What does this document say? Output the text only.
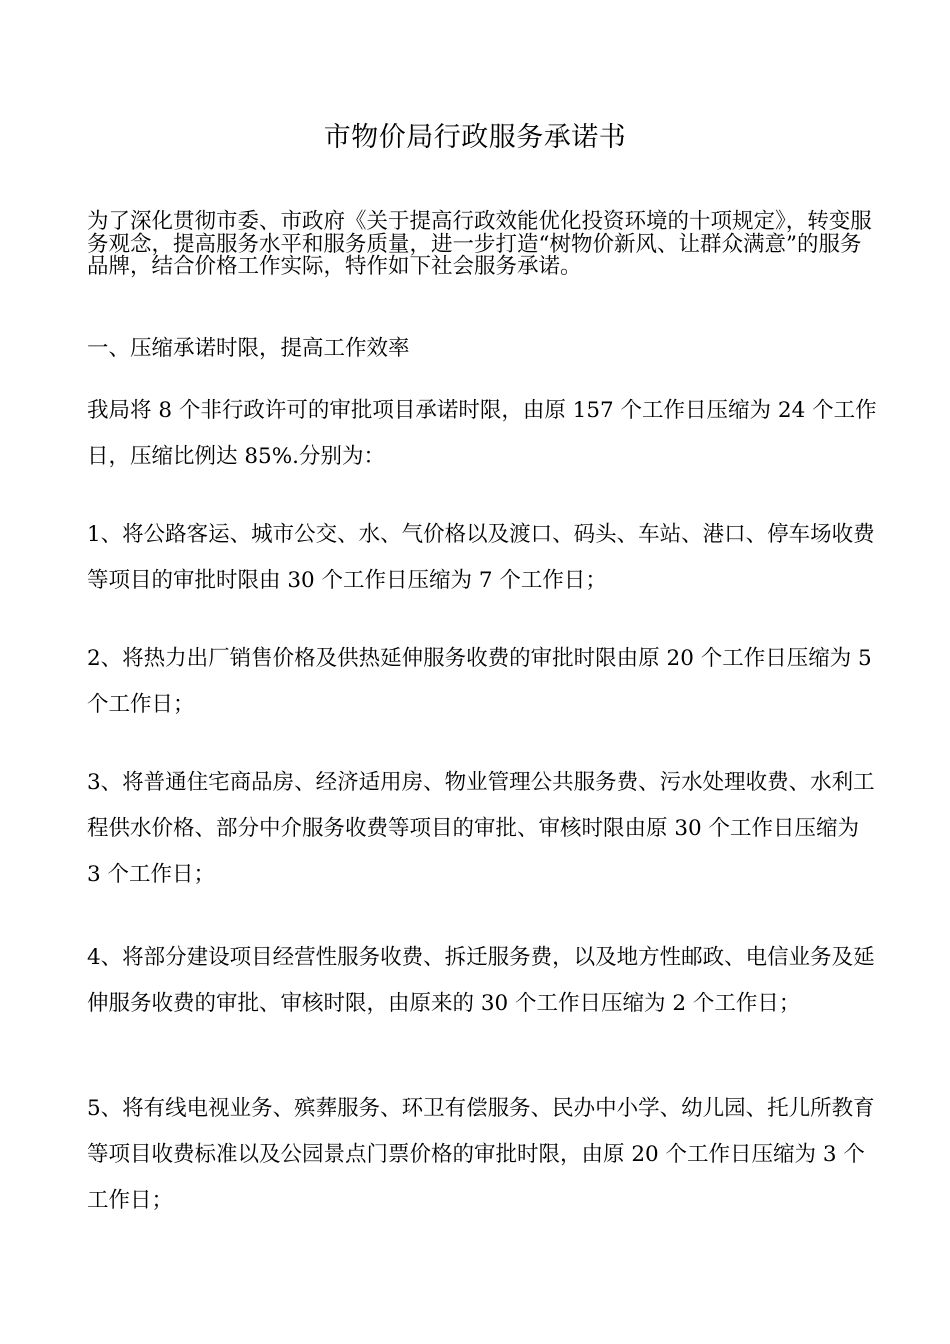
市物价局行政服务承诺书

为了深化贯彻市委、市政府《关于提高行政效能优化投资环境的十项规定》，转变服务观念，提高服务水平和服务质量，进一步打造“树物价新风、让群众满意”的服务品牌，结合价格工作实际，特作如下社会服务承诺。

一、压缩承诺时限，提高工作效率

我局将 8 个非行政许可的审批项目承诺时限，由原 157 个工作日压缩为 24 个工作日，压缩比例达 85%.分别为：

1、将公路客运、城市公交、水、气价格以及渡口、码头、车站、港口、停车场收费等项目的审批时限由 30 个工作日压缩为 7 个工作日；

2、将热力出厂销售价格及供热延伸服务收费的审批时限由原 20 个工作日压缩为 5 个工作日；

3、将普通住宅商品房、经济适用房、物业管理公共服务费、污水处理收费、水利工程供水价格、部分中介服务收费等项目的审批、审核时限由原 30 个工作日压缩为 3 个工作日；

4、将部分建设项目经营性服务收费、拆迁服务费，以及地方性邮政、电信业务及延伸服务收费的审批、审核时限，由原来的 30 个工作日压缩为 2 个工作日；

5、将有线电视业务、殡葬服务、环卫有偿服务、民办中小学、幼儿园、托儿所教育等项目收费标准以及公园景点门票价格的审批时限，由原 20 个工作日压缩为 3 个工作日；
